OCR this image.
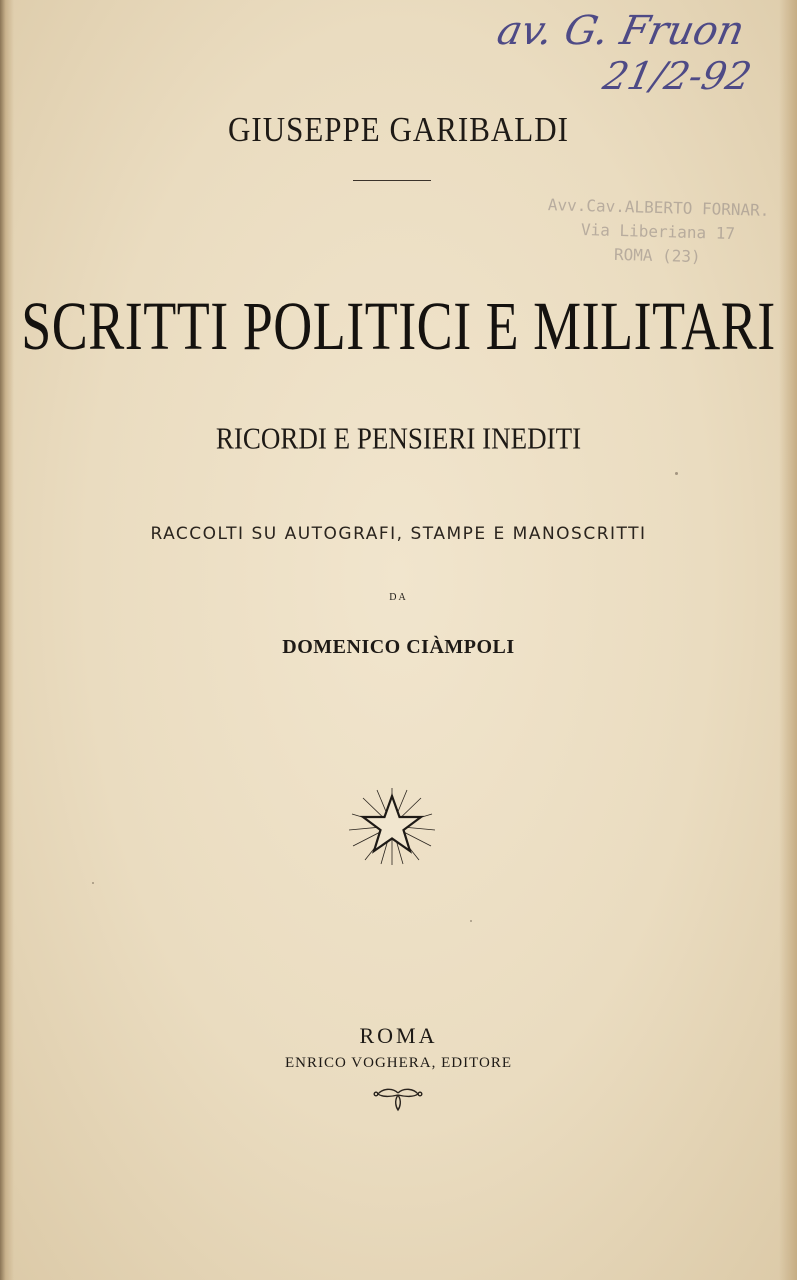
av. G. Fruon
21/2-92
GIUSEPPE GARIBALDI
Avv.Cav.ALBERTO FORNAR.
Via Liberiana 17
ROMA (23)
SCRITTI POLITICI E MILITARI
RICORDI E PENSIERI INEDITI
RACCOLTI SU AUTOGRAFI, STAMPE E MANOSCRITTI
DA
DOMENICO CIÀMPOLI
ROMA
ENRICO VOGHERA, EDITORE
